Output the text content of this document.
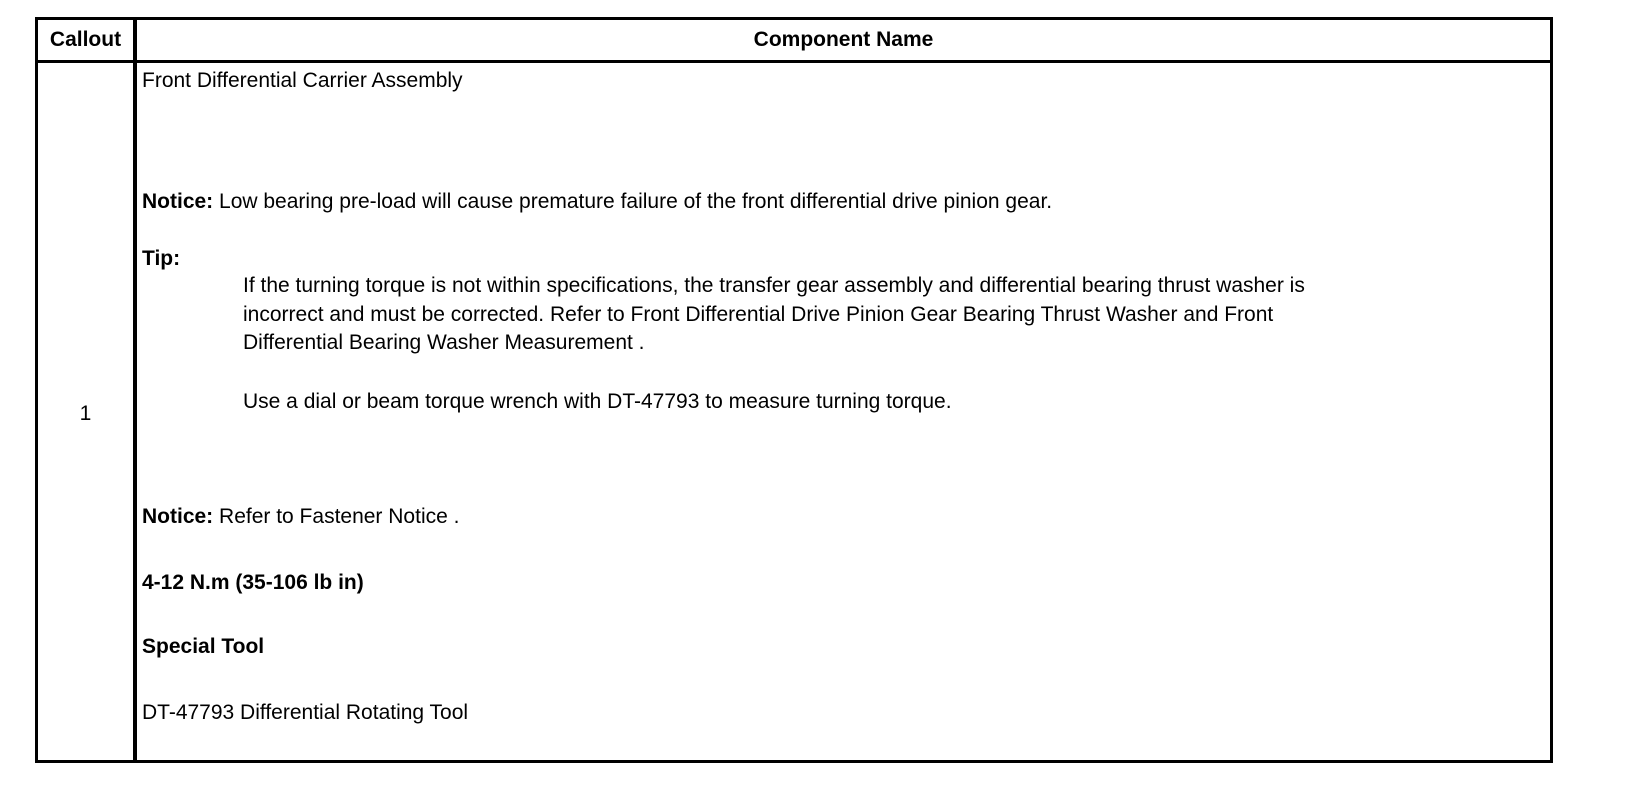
Callout	Component Name
1
Front Differential Carrier Assembly
Notice: Low bearing pre-load will cause premature failure of the front differential drive pinion gear.
Tip:
If the turning torque is not within specifications, the transfer gear assembly and differential bearing thrust washer is
incorrect and must be corrected. Refer to Front Differential Drive Pinion Gear Bearing Thrust Washer and Front
Differential Bearing Washer Measurement .
Use a dial or beam torque wrench with DT-47793 to measure turning torque.
Notice: Refer to Fastener Notice .
4-12 N.m (35-106 lb in)
Special Tool
DT-47793 Differential Rotating Tool
